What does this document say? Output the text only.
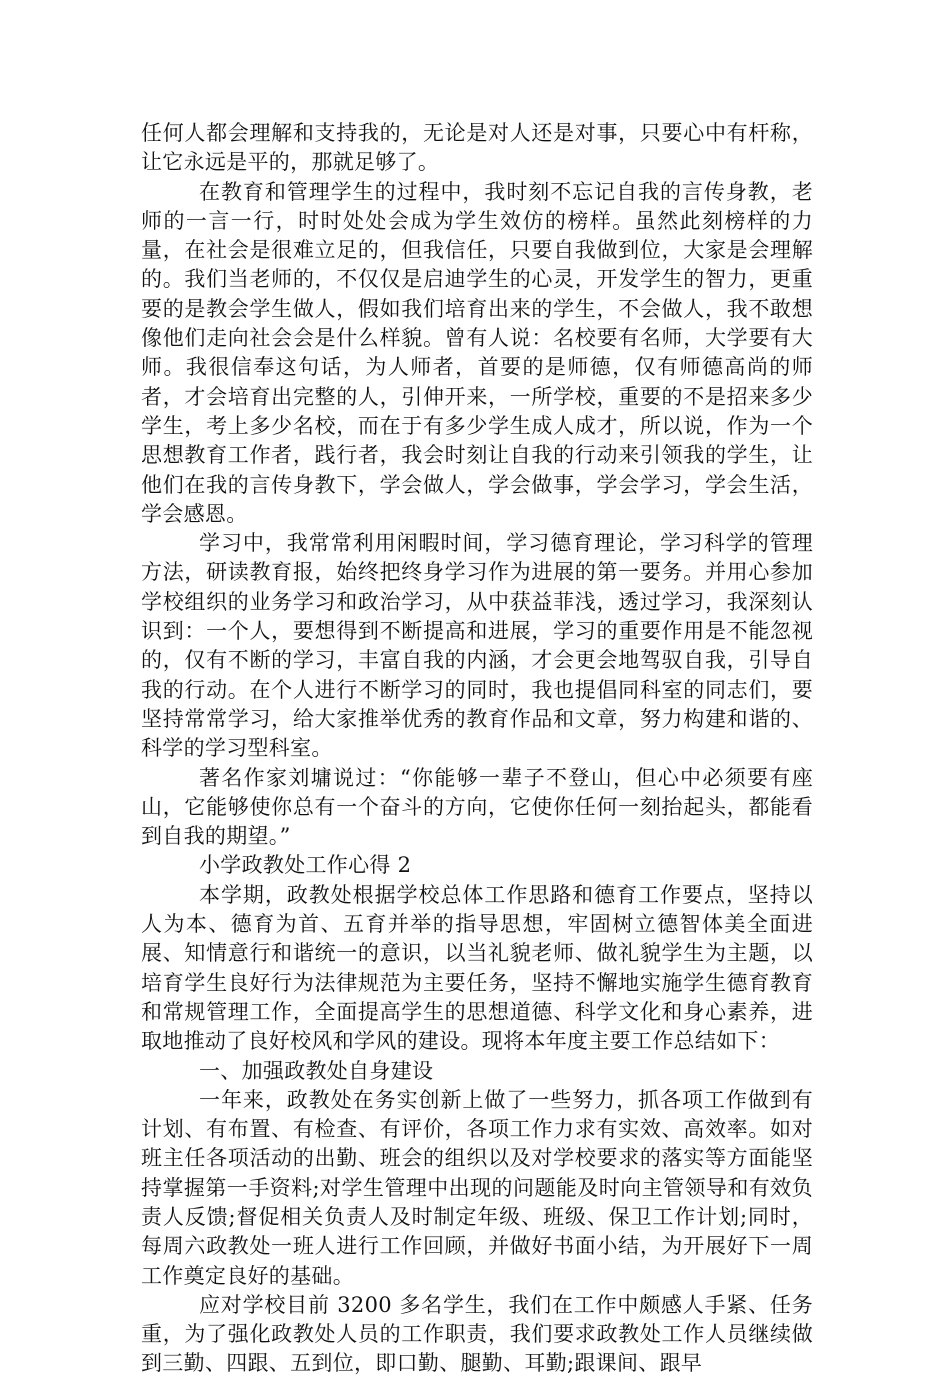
任何人都会理解和支持我的，无论是对人还是对事，只要心中有杆称，让它永远是平的，那就足够了。

在教育和管理学生的过程中，我时刻不忘记自我的言传身教，老师的一言一行，时时处处会成为学生效仿的榜样。虽然此刻榜样的力量，在社会是很难立足的，但我信任，只要自我做到位，大家是会理解的。我们当老师的，不仅仅是启迪学生的心灵，开发学生的智力，更重要的是教会学生做人，假如我们培育出来的学生，不会做人，我不敢想像他们走向社会会是什么样貌。曾有人说：名校要有名师，大学要有大师。我很信奉这句话，为人师者，首要的是师德，仅有师德高尚的师者，才会培育出完整的人，引伸开来，一所学校，重要的不是招来多少学生，考上多少名校，而在于有多少学生成人成才，所以说，作为一个思想教育工作者，践行者，我会时刻让自我的行动来引领我的学生，让他们在我的言传身教下，学会做人，学会做事，学会学习，学会生活，学会感恩。

学习中，我常常利用闲暇时间，学习德育理论，学习科学的管理方法，研读教育报，始终把终身学习作为进展的第一要务。并用心参加学校组织的业务学习和政治学习，从中获益菲浅，透过学习，我深刻认识到：一个人，要想得到不断提高和进展，学习的重要作用是不能忽视的，仅有不断的学习，丰富自我的内涵，才会更会地驾驭自我，引导自我的行动。在个人进行不断学习的同时，我也提倡同科室的同志们，要坚持常常学习，给大家推举优秀的教育作品和文章，努力构建和谐的、科学的学习型科室。

著名作家刘墉说过：“你能够一辈子不登山，但心中必须要有座山，它能够使你总有一个奋斗的方向，它使你任何一刻抬起头，都能看到自我的期望。”

小学政教处工作心得 2

本学期，政教处根据学校总体工作思路和德育工作要点，坚持以人为本、德育为首、五育并举的指导思想，牢固树立德智体美全面进展、知情意行和谐统一的意识，以当礼貌老师、做礼貌学生为主题，以培育学生良好行为法律规范为主要任务，坚持不懈地实施学生德育教育和常规管理工作，全面提高学生的思想道德、科学文化和身心素养，进取地推动了良好校风和学风的建设。现将本年度主要工作总结如下：

一、加强政教处自身建设

一年来，政教处在务实创新上做了一些努力，抓各项工作做到有计划、有布置、有检查、有评价，各项工作力求有实效、高效率。如对班主任各项活动的出勤、班会的组织以及对学校要求的落实等方面能坚持掌握第一手资料;对学生管理中出现的问题能及时向主管领导和有效负责人反馈;督促相关负责人及时制定年级、班级、保卫工作计划;同时，每周六政教处一班人进行工作回顾，并做好书面小结，为开展好下一周工作奠定良好的基础。

应对学校目前 3200 多名学生，我们在工作中颇感人手紧、任务重，为了强化政教处人员的工作职责，我们要求政教处工作人员继续做到三勤、四跟、五到位，即口勤、腿勤、耳勤;跟课间、跟早
